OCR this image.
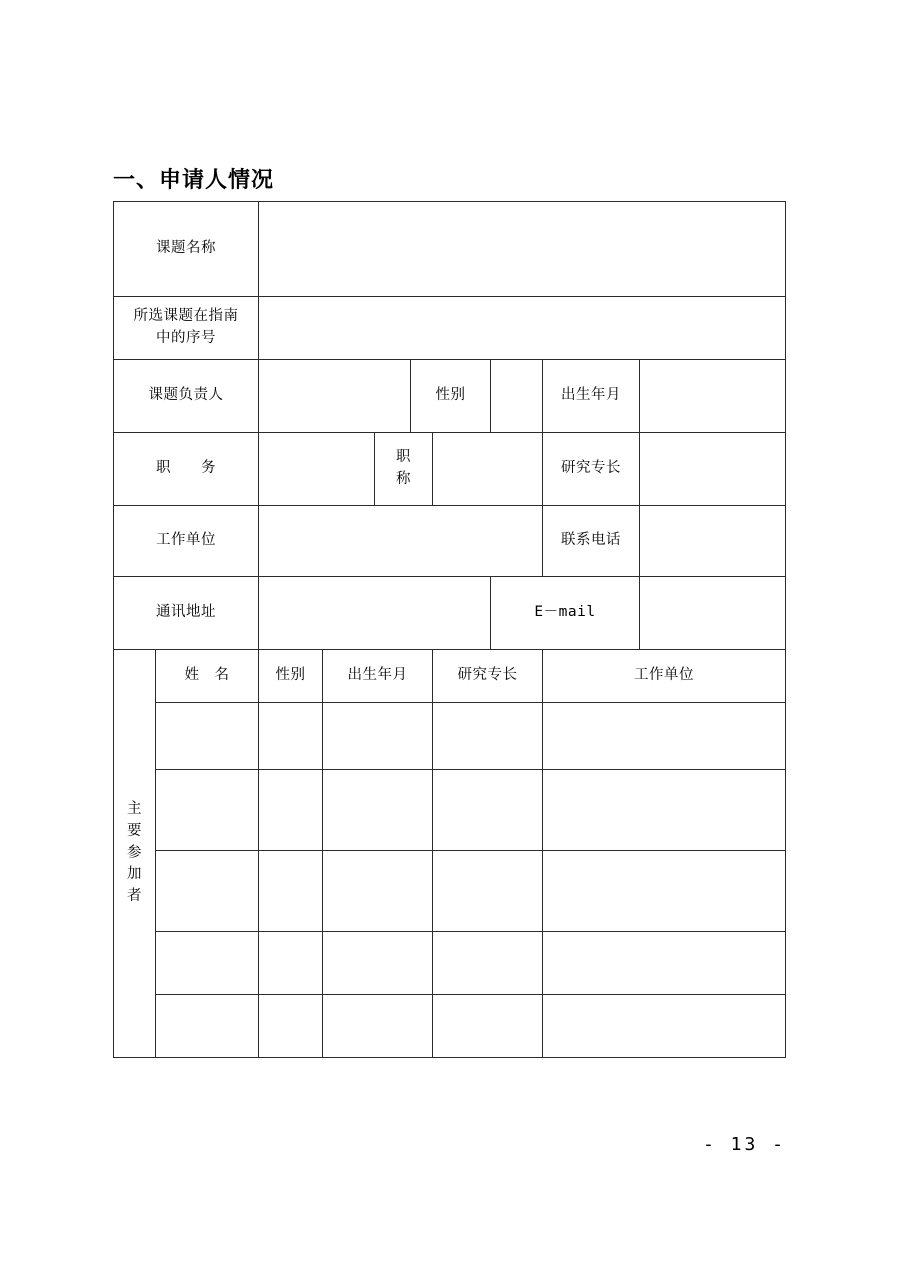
一、申请人情况
课题名称									

所选课题在指南
中的序号									

课题负责人					性别			出生年月	
职　　务				职　　称				研究专长	
工作单位								联系电话	
通讯地址							E－mail		

主
要
参
加
者	姓　名	性别	出生年月			研究专长		工作单位	

- 13 -
